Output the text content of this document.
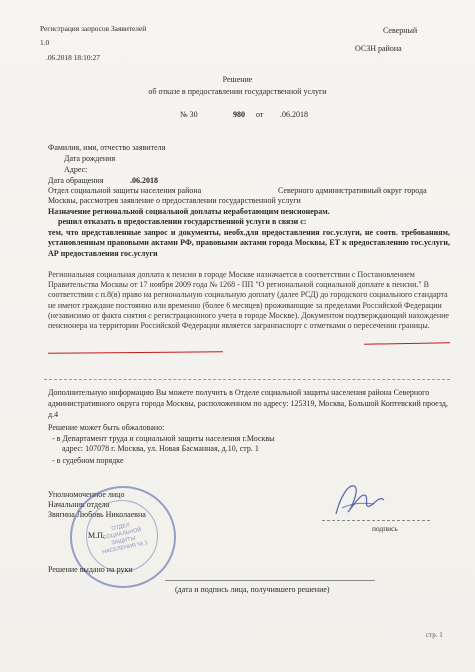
Регистрация запросов Заявителей
1.0
.06.2018 18:10:27
Северный
ОСЗН района
Решение
об отказе в предоставлении государственной услуги
№ 30	980 от .06.2018
Фамилия, имя, отчество заявителя
Дата рождения
Адрес:
Дата обращения	.06.2018
Отдел социальной защиты населения района	Северного административный округ города
Москвы, рассмотрев заявление о предоставлении государственной услуги
Назначение региональной социальной доплаты неработающим пенсионерам.
решил отказать в предоставлении государственной услуги в связи с:
тем, что представленные запрос и документы, необх.для предоставления гос.услуги, не соотв. требованиям, установленным правовыми актами РФ, правовыми актами города Москвы, ЕТ к предоставлению гос.услуги, АР предоставления гос.услуги
Региональная социальная доплата к пенсии в городе Москве назначается в соответствии с Постановлением Правительства Москвы от 17 ноября 2009 года № 1268 - ПП "О региональной социальной доплате к пенсии." В соответствии с п.8(в) право на региональную социальную доплату (далее РСД) до городского социального стандарта не имеют граждане постоянно или временно (более 6 месяцев) проживающие за пределами Российской Федерации (независимо от факта снятия с регистрационного учета в городе Москве). Документом подтверждающий нахождение пенсионера на территории Российской Федерации является загранпаспорт с отметками о пересечении границы.
Дополнительную информацию Вы можете получить в Отделе социальной защиты населения района Северного административного округа города Москвы, расположенном по адресу: 125319, Москва, Большой Коптевский проезд, д.4
Решение может быть обжаловано:
- в Департамент труда и социальной защиты населения г.Москвы
адрес: 107078 г. Москва, ул. Новая Басманная, д.10, стр. 1
- в судебном порядке
Уполномоченное лицо
Начальник отдела
Звягина Любовь Николаевна
М.П.
ОТДЕЛ СОЦИАЛЬНОЙ ЗАЩИТЫ НАСЕЛЕНИЯ № 1
подпись
Решение выдано на руки
(дата и подпись лица, получившего решение)
стр. 1
